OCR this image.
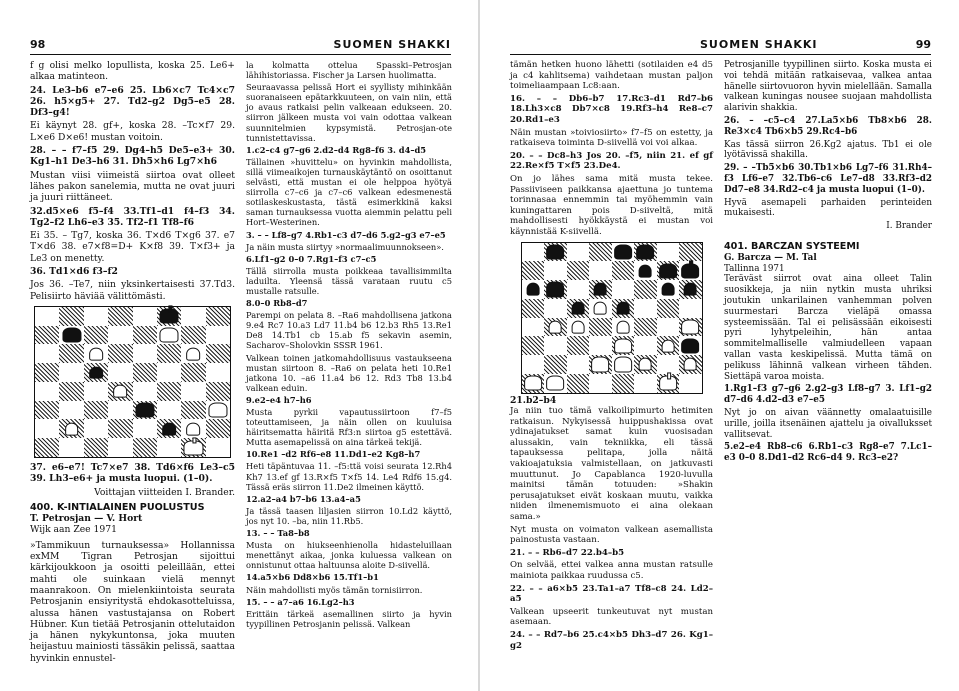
98	SUOMEN SHAKKI

f g olisi melko lopullista, koska 25. Le6+ alkaa matinteon.

24. Le3–b6 e7–e6 25. Lb6×c7 Tc4×c7 26. h5×g5+ 27. Td2–g2 Dg5–e5 28. Df3–g4!

Ei käynyt 28. gf+, koska 28. –Tc×f7 29. L×e6 D×e6! mustan voitoin.

28. – – f7–f5 29. Dg4–h5 De5–e3+ 30. Kg1–h1 De3–h6 31. Dh5×h6 Lg7×h6

Mustan viisi viimeistä siirtoa ovat olleet lähes pakon sanelemia, mutta ne ovat juuri ja juuri riittäneet.

32.d5×e6 f5–f4 33.Tf1–d1 f4–f3 34. Tg2–f2 Lh6–e3 35. Tf2–f1 Tf8–f6

Ei 35. – Tg7, koska 36. T×d6 T×g6 37. e7 T×d6 38. e7×f8=D+ K×f8 39. T×f3+ ja Le3 on menetty.

36. Td1×d6 f3–f2

Jos 36. –Te7, niin yksinkertaisesti 37.Td3. Pelisiirto häviää välittömästi.

37. e6–e7! Tc7×e7 38. Td6×f6 Le3–c5 39. Lh3–e6+ ja musta luopui. (1–0).

Voittajan viitteiden I. Brander.

400. K-INTIALAINEN PUOLUSTUS
T. Petrosjan — V. Hort
Wijk aan Zee 1971

»Tammikuun turnauksessa» Hollannissa exMM Tigran Petrosjan sijoittui kärkijoukkoon ja osoitti peleillään, ettei mahti ole suinkaan vielä mennyt maanrakoon. On mielenkiintoista seurata Petrosjanin ensiyritystä ehdokasotteluissa, alussa hänen vastustajansa on Robert Hübner. Kun tietää Petrosjanin ottelutaidon ja hänen nykykuntonsa, joka muuten heijastuu mainiosti tässäkin pelissä, saattaa hyvinkin ennustel-

la kolmatta ottelua Spasski–Petrosjan lähihistoriassa. Fischer ja Larsen huolimatta.

Seuraavassa pelissä Hort ei syyllisty mihinkään suoranaiseen epätarkkuuteen, on vain niin, että jo avaus ratkaisi pelin valkeaan edukseen. 20. siirron jälkeen musta voi vain odottaa valkean suunnitelmien kypsymistä. Petrosjan-ote tunnistettavissa.

1.c2–c4 g7–g6 2.d2–d4 Rg8–f6 3. d4–d5

Tällainen »huvittelu» on hyvinkin mahdollista, sillä viimeaikojen turnauskäytäntö on osoittanut selvästi, että mustan ei ole helppoa hyötyä siirrolla c7–c6 ja c7–c6 valkean edesmenestä sotilaskeskustasta, tästä esimerkkinä kaksi saman turnauksessa vuotta aiemmin pelattu peli Hort–Westerinen.

3. – – Lf8–g7 4.Rb1–c3 d7–d6 5.g2–g3 e7–e5

Ja näin musta siirtyy »normaalimuunnokseen».

6.Lf1–g2 0–0 7.Rg1–f3 c7–c5

Tällä siirrolla musta poikkeaa tavallisimmilta laduilta. Yleensä tässä varataan ruutu c5 mustalle ratsulle.

8.0–0 Rb8–d7

Parempi on pelata 8. –Ra6 mahdollisena jatkona 9.e4 Rc7 10.a3 Ld7 11.b4 b6 12.b3 Rh5 13.Re1 De8 14.Tb1 cb 15.ab f5 sekavin asemin, Sacharov–Sholovkin SSSR 1961.

Valkean toinen jatkomahdollisuus vastaukseena mustan siirtoon 8. –Ra6 on pelata heti 10.Re1 jatkona 10. –a6 11.a4 b6 12. Rd3 Tb8 13.b4 valkean eduin.

9.e2–e4 h7–h6

Musta pyrkii vapautussiirtoon f7–f5 toteuttamiseen, ja näin ollen on kuuluisa häiritsematta häiritä Rf3:n siirtoa g5 estettävä. Mutta asemapelissä on aina tärkeä tekijä.

10.Re1 –d2 Rf6–e8 11.Dd1–e2 Kg8–h7

Heti täpäntuvaa 11. –f5:ttä voisi seurata 12.Rh4 Kh7 13.ef gf 13.R×f5 T×f5 14. Le4 Rdf6 15.g4. Tässä eräs siirron 11.De2 ilmeinen käyttö.

12.a2–a4 b7–b6 13.a4–a5

Ja tässä taasen liljasien siirron 10.Ld2 käyttö, jos nyt 10. –ba, niin 11.Rb5.

13. – – Ta8–b8

Musta on hiukseenhienolla hidasteluillaan menettänyt aikaa, jonka kuluessa valkean on onnistunut ottaa haltuunsa aloite D-siivellä.

14.a5×b6 Dd8×b6 15.Tf1–b1

Näin mahdollisti myös tämän tornisiirron.

15. – – a7–a6 16.Lg2–h3

Erittäin tärkeä asemallinen siirto ja hyvin tyypillinen Petrosjanin pelissä. Valkean

SUOMEN SHAKKI	99

tämän hetken huono lähetti (sotilaiden e4 d5 ja c4 kahlitsema) vaihdetaan mustan paljon toimeliaampaan Lc8:aan.

16. – – Db6–b7 17.Rc3–d1 Rd7–b6 18.Lh3×c8 Db7×c8 19.Rf3–h4 Re8–c7 20.Rd1–e3

Näin mustan »toiviosiirto» f7–f5 on estetty, ja ratkaiseva toiminta D-siivellä voi voi alkaa.

20. – – Dc8–h3 Jos 20. –f5, niin 21. ef gf 22.Re×f5 T×f5 23.De4.

On jo lähes sama mitä musta tekee. Passiiviseen paikkansa ajaettuna jo tuntema torinnasaa ennemmin tai myöhemmin vain kuningattaren pois D-siiveltä, mitä mahdollisesti hyökkäystä ei mustan voi käynnistää K-siivellä.

21.b2–b4

Ja niin tuo tämä valkoilipimurto hetimiten ratkaisun. Nykyisessä huippushakissa ovat ydinajatukset samat kuin vuosisadan alussakin, vain tekniikka, eli tässä tapauksessa pelitapa, jolla näitä vakioajatuksia valmistellaan, on jatkuvasti muuttunut. Jo Capablanca 1920-luvulla mainitsi tämän totuuden: »Shakin perusajatukset eivät koskaan muutu, vaikka niiden ilmenemismuoto ei aina olekaan sama.»

Nyt musta on voimaton valkean asemallista painostusta vastaan.

21. – – Rb6–d7 22.b4–b5

On selvää, ettei valkea anna mustan ratsulle mainiota paikkaa ruudussa c5.

22. – – a6×b5 23.Ta1–a7 Tf8–c8 24. Ld2–a5

Valkean upseerit tunkeutuvat nyt mustan asemaan.

24. – – Rd7–b6 25.c4×b5 Dh3–d7 26. Kg1–g2

Petrosjanille tyypillinen siirto. Koska musta ei voi tehdä mitään ratkaisevaa, valkea antaa hänelle siirtovuoron hyvin mielellään. Samalla valkean kuningas nousee suojaan mahdollista alarivin shakkia.

26. – –c5–c4 27.La5×b6 Tb8×b6 28. Re3×c4 Tb6×b5 29.Rc4–b6

Kas tässä siirron 26.Kg2 ajatus. Tb1 ei ole lyötävissä shakilla.

29. – –Tb5×b6 30.Tb1×b6 Lg7–f6 31.Rh4–f3 Lf6–e7 32.Tb6–c6 Le7–d8 33.Rf3–d2 Dd7–e8 34.Rd2–c4 ja musta luopui (1–0).

Hyvä asemapeli parhaiden perinteiden mukaisesti.

I. Brander

401. BARCZAN SYSTEEMI
G. Barcza — M. Tal
Tallinna 1971

Teräväst siirrot ovat aina olleet Talin suosikkeja, ja niin nytkin musta uhriksi joutukin unkarilainen vanhemman polven suurmestari Barcza vieläpä omassa systeemissään. Tal ei pelisässään eikoisesti pyri lyhytpeleihin, hän antaa sommitelmalliselle valmiudelleen vapaan vallan vasta keskipelissä. Mutta tämä on pelikuss lähinnä valkean virheen tähden. Siettäpä varoa moista.

1.Rg1–f3 g7–g6 2.g2–g3 Lf8–g7 3. Lf1–g2 d7–d6 4.d2–d3 e7–e5

Nyt jo on aivan väännetty omalaatuisille urille, joilla itsenäinen ajattelu ja oivalluksset vallitsevat.

5.e2–e4 Rb8–c6 6.Rb1–c3 Rg8–e7 7.Lc1–e3 0–0 8.Dd1–d2 Rc6–d4 9. Rc3–e2?
